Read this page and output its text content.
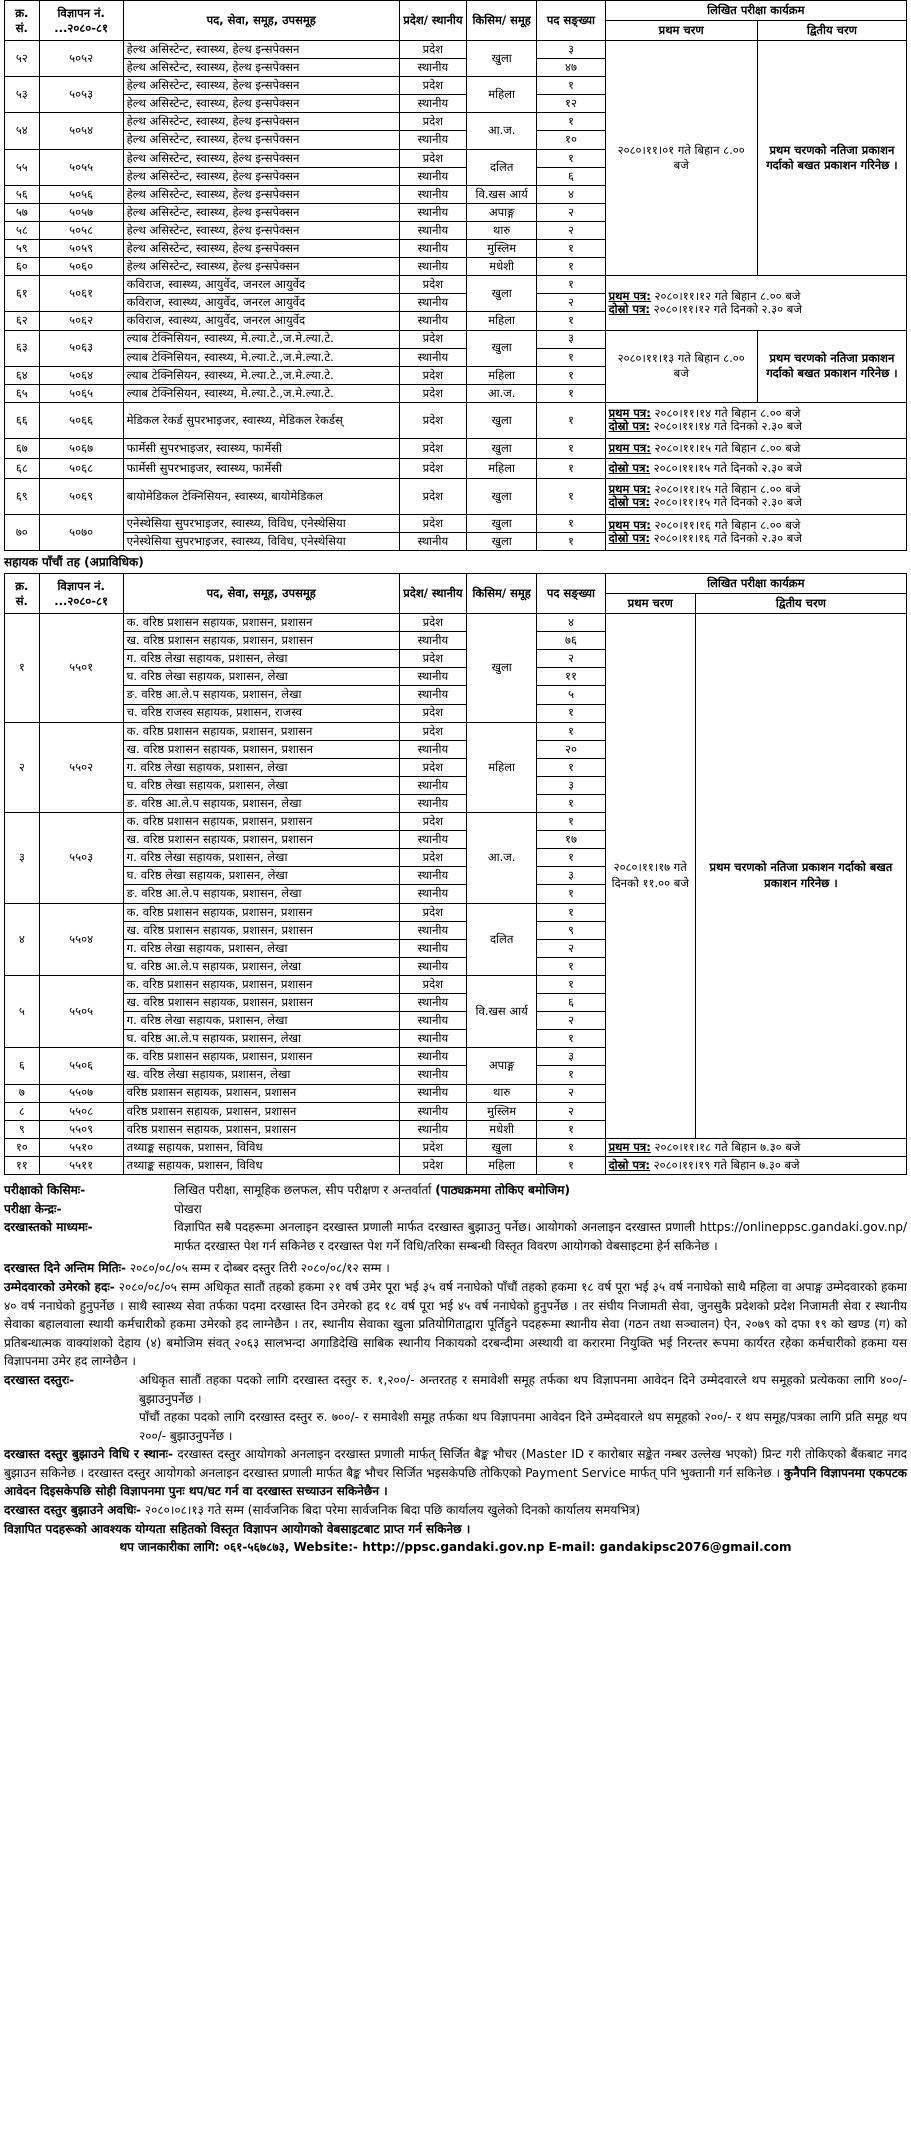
क्र. सं.	विज्ञापन नं. ...२०८०-८१	पद, सेवा, समूह, उपसमूह	प्रदेश/ स्थानीय	किसिम/ समूह	पद सङ्ख्या	लिखित परीक्षा कार्यक्रम	
						प्रथम चरण	द्वितीय चरण
५२	५०५२	हेल्थ असिस्टेन्ट, स्वास्थ्य, हेल्थ इन्सपेक्सन	प्रदेश	खुला	३	२०८०।११।०१ गते बिहान ८.०० बजे	प्रथम चरणको नतिजा प्रकाशन गर्दाको बखत प्रकाशन गरिनेछ ।
		हेल्थ असिस्टेन्ट, स्वास्थ्य, हेल्थ इन्सपेक्सन	स्थानीय		४७		
५३	५०५३	हेल्थ असिस्टेन्ट, स्वास्थ्य, हेल्थ इन्सपेक्सन	प्रदेश	महिला	१		
		हेल्थ असिस्टेन्ट, स्वास्थ्य, हेल्थ इन्सपेक्सन	स्थानीय		१२		
५४	५०५४	हेल्थ असिस्टेन्ट, स्वास्थ्य, हेल्थ इन्सपेक्सन	प्रदेश	आ.ज.	१		
		हेल्थ असिस्टेन्ट, स्वास्थ्य, हेल्थ इन्सपेक्सन	स्थानीय		१०		
५५	५०५५	हेल्थ असिस्टेन्ट, स्वास्थ्य, हेल्थ इन्सपेक्सन	प्रदेश	दलित	१		
		हेल्थ असिस्टेन्ट, स्वास्थ्य, हेल्थ इन्सपेक्सन	स्थानीय		६		
५६	५०५६	हेल्थ असिस्टेन्ट, स्वास्थ्य, हेल्थ इन्सपेक्सन	स्थानीय	वि.खस आर्य	४		
५७	५०५७	हेल्थ असिस्टेन्ट, स्वास्थ्य, हेल्थ इन्सपेक्सन	स्थानीय	अपाङ्ग	२		
५८	५०५८	हेल्थ असिस्टेन्ट, स्वास्थ्य, हेल्थ इन्सपेक्सन	स्थानीय	थारु	२		
५९	५०५९	हेल्थ असिस्टेन्ट, स्वास्थ्य, हेल्थ इन्सपेक्सन	स्थानीय	मुस्लिम	१		
६०	५०६०	हेल्थ असिस्टेन्ट, स्वास्थ्य, हेल्थ इन्सपेक्सन	स्थानीय	मधेशी	१		
६१	५०६१	कविराज, स्वास्थ्य, आयुर्वेद, जनरल आयुर्वेद	प्रदेश	खुला	१	प्रथम पत्र: २०८०।११।१२ गते बिहान ८.०० बजे
दोस्रो पत्र: २०८०।११।१२ गते दिनको २.३० बजे	

		कविराज, स्वास्थ्य, आयुर्वेद, जनरल आयुर्वेद	स्थानीय		२		
६२	५०६२	कविराज, स्वास्थ्य, आयुर्वेद, जनरल आयुर्वेद	स्थानीय	महिला	१		
६३	५०६३	ल्याब टेक्निसियन, स्वास्थ्य, मे.ल्या.टे.,ज.मे.ल्या.टे.	प्रदेश	खुला	३	२०८०।११।१३ गते बिहान ८.०० बजे	प्रथम चरणको नतिजा प्रकाशन गर्दाको बखत प्रकाशन गरिनेछ ।
		ल्याब टेक्निसियन, स्वास्थ्य, मे.ल्या.टे.,ज.मे.ल्या.टे.	स्थानीय		१		
६४	५०६४	ल्याब टेक्निसियन, स्वास्थ्य, मे.ल्या.टे.,ज.मे.ल्या.टे.	प्रदेश	महिला	१		
६५	५०६५	ल्याब टेक्निसियन, स्वास्थ्य, मे.ल्या.टे.,ज.मे.ल्या.टे.	प्रदेश	आ.ज.	१		
६६	५०६६	मेडिकल रेकर्ड सुपरभाइजर, स्वास्थ्य, मेडिकल रेकर्डस्	प्रदेश	खुला	१	प्रथम पत्र: २०८०।११।१४ गते बिहान ८.०० बजे
दोस्रो पत्र: २०८०।११।१४ गते दिनको २.३० बजे	

६७	५०६७	फार्मेसी सुपरभाइजर, स्वास्थ्य, फार्मेसी	प्रदेश	खुला	१	प्रथम पत्र: २०८०।११।१५ गते बिहान ८.०० बजे	

६८	५०६८	फार्मेसी सुपरभाइजर, स्वास्थ्य, फार्मेसी	प्रदेश	महिला	१	दोस्रो पत्र: २०८०।११।१५ गते दिनको २.३० बजे	

६९	५०६९	बायोमेडिकल टेक्निसियन, स्वास्थ्य, बायोमेडिकल	प्रदेश	खुला	१	प्रथम पत्र: २०८०।११।१५ गते बिहान ८.०० बजे
दोस्रो पत्र: २०८०।११।१५ गते दिनको २.३० बजे	

७०	५०७०	एनेस्थेसिया सुपरभाइजर, स्वास्थ्य, विविध, एनेस्थेसिया	प्रदेश	खुला	१	प्रथम पत्र: २०८०।११।१६ गते बिहान ८.०० बजे
दोस्रो पत्र: २०८०।११।१६ गते दिनको २.३० बजे	

		एनेस्थेसिया सुपरभाइजर, स्वास्थ्य, विविध, एनेस्थेसिया	स्थानीय	खुला	१		
सहायक पाँचौं तह (अप्राविधिक)
क्र. सं.	विज्ञापन नं. ...२०८०-८१	पद, सेवा, समूह, उपसमूह	प्रदेश/ स्थानीय	किसिम/ समूह	पद सङ्ख्या	लिखित परीक्षा कार्यक्रम	
						प्रथम चरण	द्वितीय चरण
१	५५०१	क. वरिष्ठ प्रशासन सहायक, प्रशासन, प्रशासन	प्रदेश	खुला	४	२०८०।११।१७ गते दिनको ११.०० बजे	प्रथम चरणको नतिजा प्रकाशन गर्दाको बखत प्रकाशन गरिनेछ ।
		ख. वरिष्ठ प्रशासन सहायक, प्रशासन, प्रशासन	स्थानीय		७६		
		ग. वरिष्ठ लेखा सहायक, प्रशासन, लेखा	प्रदेश		२		
		घ. वरिष्ठ लेखा सहायक, प्रशासन, लेखा	स्थानीय		११		
		ङ. वरिष्ठ आ.ले.प सहायक, प्रशासन, लेखा	स्थानीय		५		
		च. वरिष्ठ राजस्व सहायक, प्रशासन, राजस्व	प्रदेश		१		
२	५५०२	क. वरिष्ठ प्रशासन सहायक, प्रशासन, प्रशासन	प्रदेश	महिला	१		
		ख. वरिष्ठ प्रशासन सहायक, प्रशासन, प्रशासन	स्थानीय		२०		
		ग. वरिष्ठ लेखा सहायक, प्रशासन, लेखा	प्रदेश		१		
		घ. वरिष्ठ लेखा सहायक, प्रशासन, लेखा	स्थानीय		३		
		ङ. वरिष्ठ आ.ले.प सहायक, प्रशासन, लेखा	स्थानीय		१		
३	५५०३	क. वरिष्ठ प्रशासन सहायक, प्रशासन, प्रशासन	प्रदेश	आ.ज.	१		
		ख. वरिष्ठ प्रशासन सहायक, प्रशासन, प्रशासन	स्थानीय		१७		
		ग. वरिष्ठ लेखा सहायक, प्रशासन, लेखा	प्रदेश		१		
		घ. वरिष्ठ लेखा सहायक, प्रशासन, लेखा	स्थानीय		३		
		ङ. वरिष्ठ आ.ले.प सहायक, प्रशासन, लेखा	स्थानीय		१		
४	५५०४	क. वरिष्ठ प्रशासन सहायक, प्रशासन, प्रशासन	प्रदेश	दलित	१		
		ख. वरिष्ठ प्रशासन सहायक, प्रशासन, प्रशासन	स्थानीय		९		
		ग. वरिष्ठ लेखा सहायक, प्रशासन, लेखा	स्थानीय		२		
		घ. वरिष्ठ आ.ले.प सहायक, प्रशासन, लेखा	स्थानीय		१		
५	५५०५	क. वरिष्ठ प्रशासन सहायक, प्रशासन, प्रशासन	प्रदेश	वि.खस आर्य	१		
		ख. वरिष्ठ प्रशासन सहायक, प्रशासन, प्रशासन	स्थानीय		६		
		ग. वरिष्ठ लेखा सहायक, प्रशासन, लेखा	स्थानीय		२		
		घ. वरिष्ठ आ.ले.प सहायक, प्रशासन, लेखा	स्थानीय		१		
६	५५०६	क. वरिष्ठ प्रशासन सहायक, प्रशासन, प्रशासन	स्थानीय	अपाङ्ग	३		
		ख. वरिष्ठ लेखा सहायक, प्रशासन, लेखा	स्थानीय		१		
७	५५०७	वरिष्ठ प्रशासन सहायक, प्रशासन, प्रशासन	स्थानीय	थारु	२		
८	५५०८	वरिष्ठ प्रशासन सहायक, प्रशासन, प्रशासन	स्थानीय	मुस्लिम	२		
९	५५०९	वरिष्ठ प्रशासन सहायक, प्रशासन, प्रशासन	स्थानीय	मधेशी	१		
१०	५५१०	तथ्याङ्क सहायक, प्रशासन, विविध	प्रदेश	खुला	१	प्रथम पत्र: २०८०।११।१८ गते बिहान ७.३० बजे	

११	५५११	तथ्याङ्क सहायक, प्रशासन, विविध	प्रदेश	महिला	१	दोस्रो पत्र: २०८०।११।१९ गते बिहान ७.३० बजे	
परीक्षाको किसिमः-	लिखित परीक्षा, सामूहिक छलफल, सीप परीक्षण र अन्तर्वार्ता (पाठ्यक्रममा तोकिए बमोजिम)
परीक्षा केन्द्रः-	पोखरा
दरखास्तको माध्यमः-	विज्ञापित सबै पदहरूमा अनलाइन दरखास्त प्रणाली मार्फत दरखास्त बुझाउनु पर्नेछ। आयोगको अनलाइन दरखास्त प्रणाली https://onlineppsc.gandaki.gov.np/ मार्फत दरखास्त पेश गर्न सकिनेछ र दरखास्त पेश गर्ने विधि/तरिका सम्बन्धी विस्तृत विवरण आयोगको वेबसाइटमा हेर्न सकिनेछ ।
दरखास्त दिने अन्तिम मितिः- २०८०/०८/०५ सम्म र दोब्बर दस्तुर तिरी २०८०/०८/१२ सम्म ।
उम्मेदवारको उमेरको हदः- २०८०/०८/०५ सम्म अधिकृत सातौं तहको हकमा २१ वर्ष उमेर पूरा भई ३५ वर्ष ननाघेको पाँचौं तहको हकमा १८ वर्ष पूरा भई ३५ वर्ष ननाघेको साथै महिला वा अपाङ्ग उम्मेदवारको हकमा ४० वर्ष ननाघेको हुनुपर्नेछ । साथै स्वास्थ्य सेवा तर्फका पदमा दरखास्त दिन उमेरको हद १८ वर्ष पूरा भई ४५ वर्ष ननाघेको हुनुपर्नेछ । तर संघीय निजामती सेवा, जुनसुकै प्रदेशको प्रदेश निजामती सेवा र स्थानीय सेवाका बहालवाला स्थायी कर्मचारीको हकमा उमेरको हद लाग्नेछैन । तर, स्थानीय सेवाका खुला प्रतियोगिताद्वारा पूर्तिहुने पदहरूमा स्थानीय सेवा (गठन तथा सञ्चालन) ऐन, २०७९ को दफा १९ को खण्ड (ग) को प्रतिबन्धात्मक वाक्यांशको देहाय (४) बमोजिम संवत् २०६३ सालभन्दा अगाडिदेखि साबिक स्थानीय निकायको दरबन्दीमा अस्थायी वा करारमा नियुक्ति भई निरन्तर रूपमा कार्यरत रहेका कर्मचारीको हकमा यस विज्ञापनमा उमेर हद लाग्नेछैन ।
दरखास्त दस्तुरः-	अधिकृत सातौं तहका पदको लागि दरखास्त दस्तुर रु. १,२००/- अन्तरतह र समावेशी समूह तर्फका थप विज्ञापनमा आवेदन दिने उम्मेदवारले थप समूहको प्रत्येकका लागि ४००/- बुझाउनुपर्नेछ ।
पाँचौं तहका पदको लागि दरखास्त दस्तुर रु. ७००/- र समावेशी समूह तर्फका थप विज्ञापनमा आवेदन दिने उम्मेदवारले थप समूहको २००/- र थप समूह/पत्रका लागि प्रति समूह थप २००/- बुझाउनुपर्नेछ ।
दरखास्त दस्तुर बुझाउने विधि र स्थानः- दरखास्त दस्तुर आयोगको अनलाइन दरखास्त प्रणाली मार्फत् सिर्जित बैङ्क भौचर (Master ID र कारोबार सङ्केत नम्बर उल्लेख भएको) प्रिन्ट गरी तोकिएको बैंकबाट नगद बुझाउन सकिनेछ । दरखास्त दस्तुर आयोगको अनलाइन दरखास्त प्रणाली मार्फत बैङ्क भौचर सिर्जित भइसकेपछि तोकिएको Payment Service मार्फत् पनि भुक्तानी गर्न सकिनेछ । कुनैपनि विज्ञापनमा एकपटक आवेदन दिइसकेपछि सोही विज्ञापनमा पुनः थप/घट गर्न वा दरखास्त सच्याउन सकिनेछैन ।
दरखास्त दस्तुर बुझाउने अवधिः- २०८०।०८।१३ गते सम्म (सार्वजनिक बिदा परेमा सार्वजनिक बिदा पछि कार्यालय खुलेको दिनको कार्यालय समयभित्र)
विज्ञापित पदहरूको आवश्यक योग्यता सहितको विस्तृत विज्ञापन आयोगको वेबसाइटबाट प्राप्त गर्न सकिनेछ ।
थप जानकारीका लागि: ०६१-५६७८७३, Website:- http://ppsc.gandaki.gov.np E-mail: gandakipsc2076@gmail.com
